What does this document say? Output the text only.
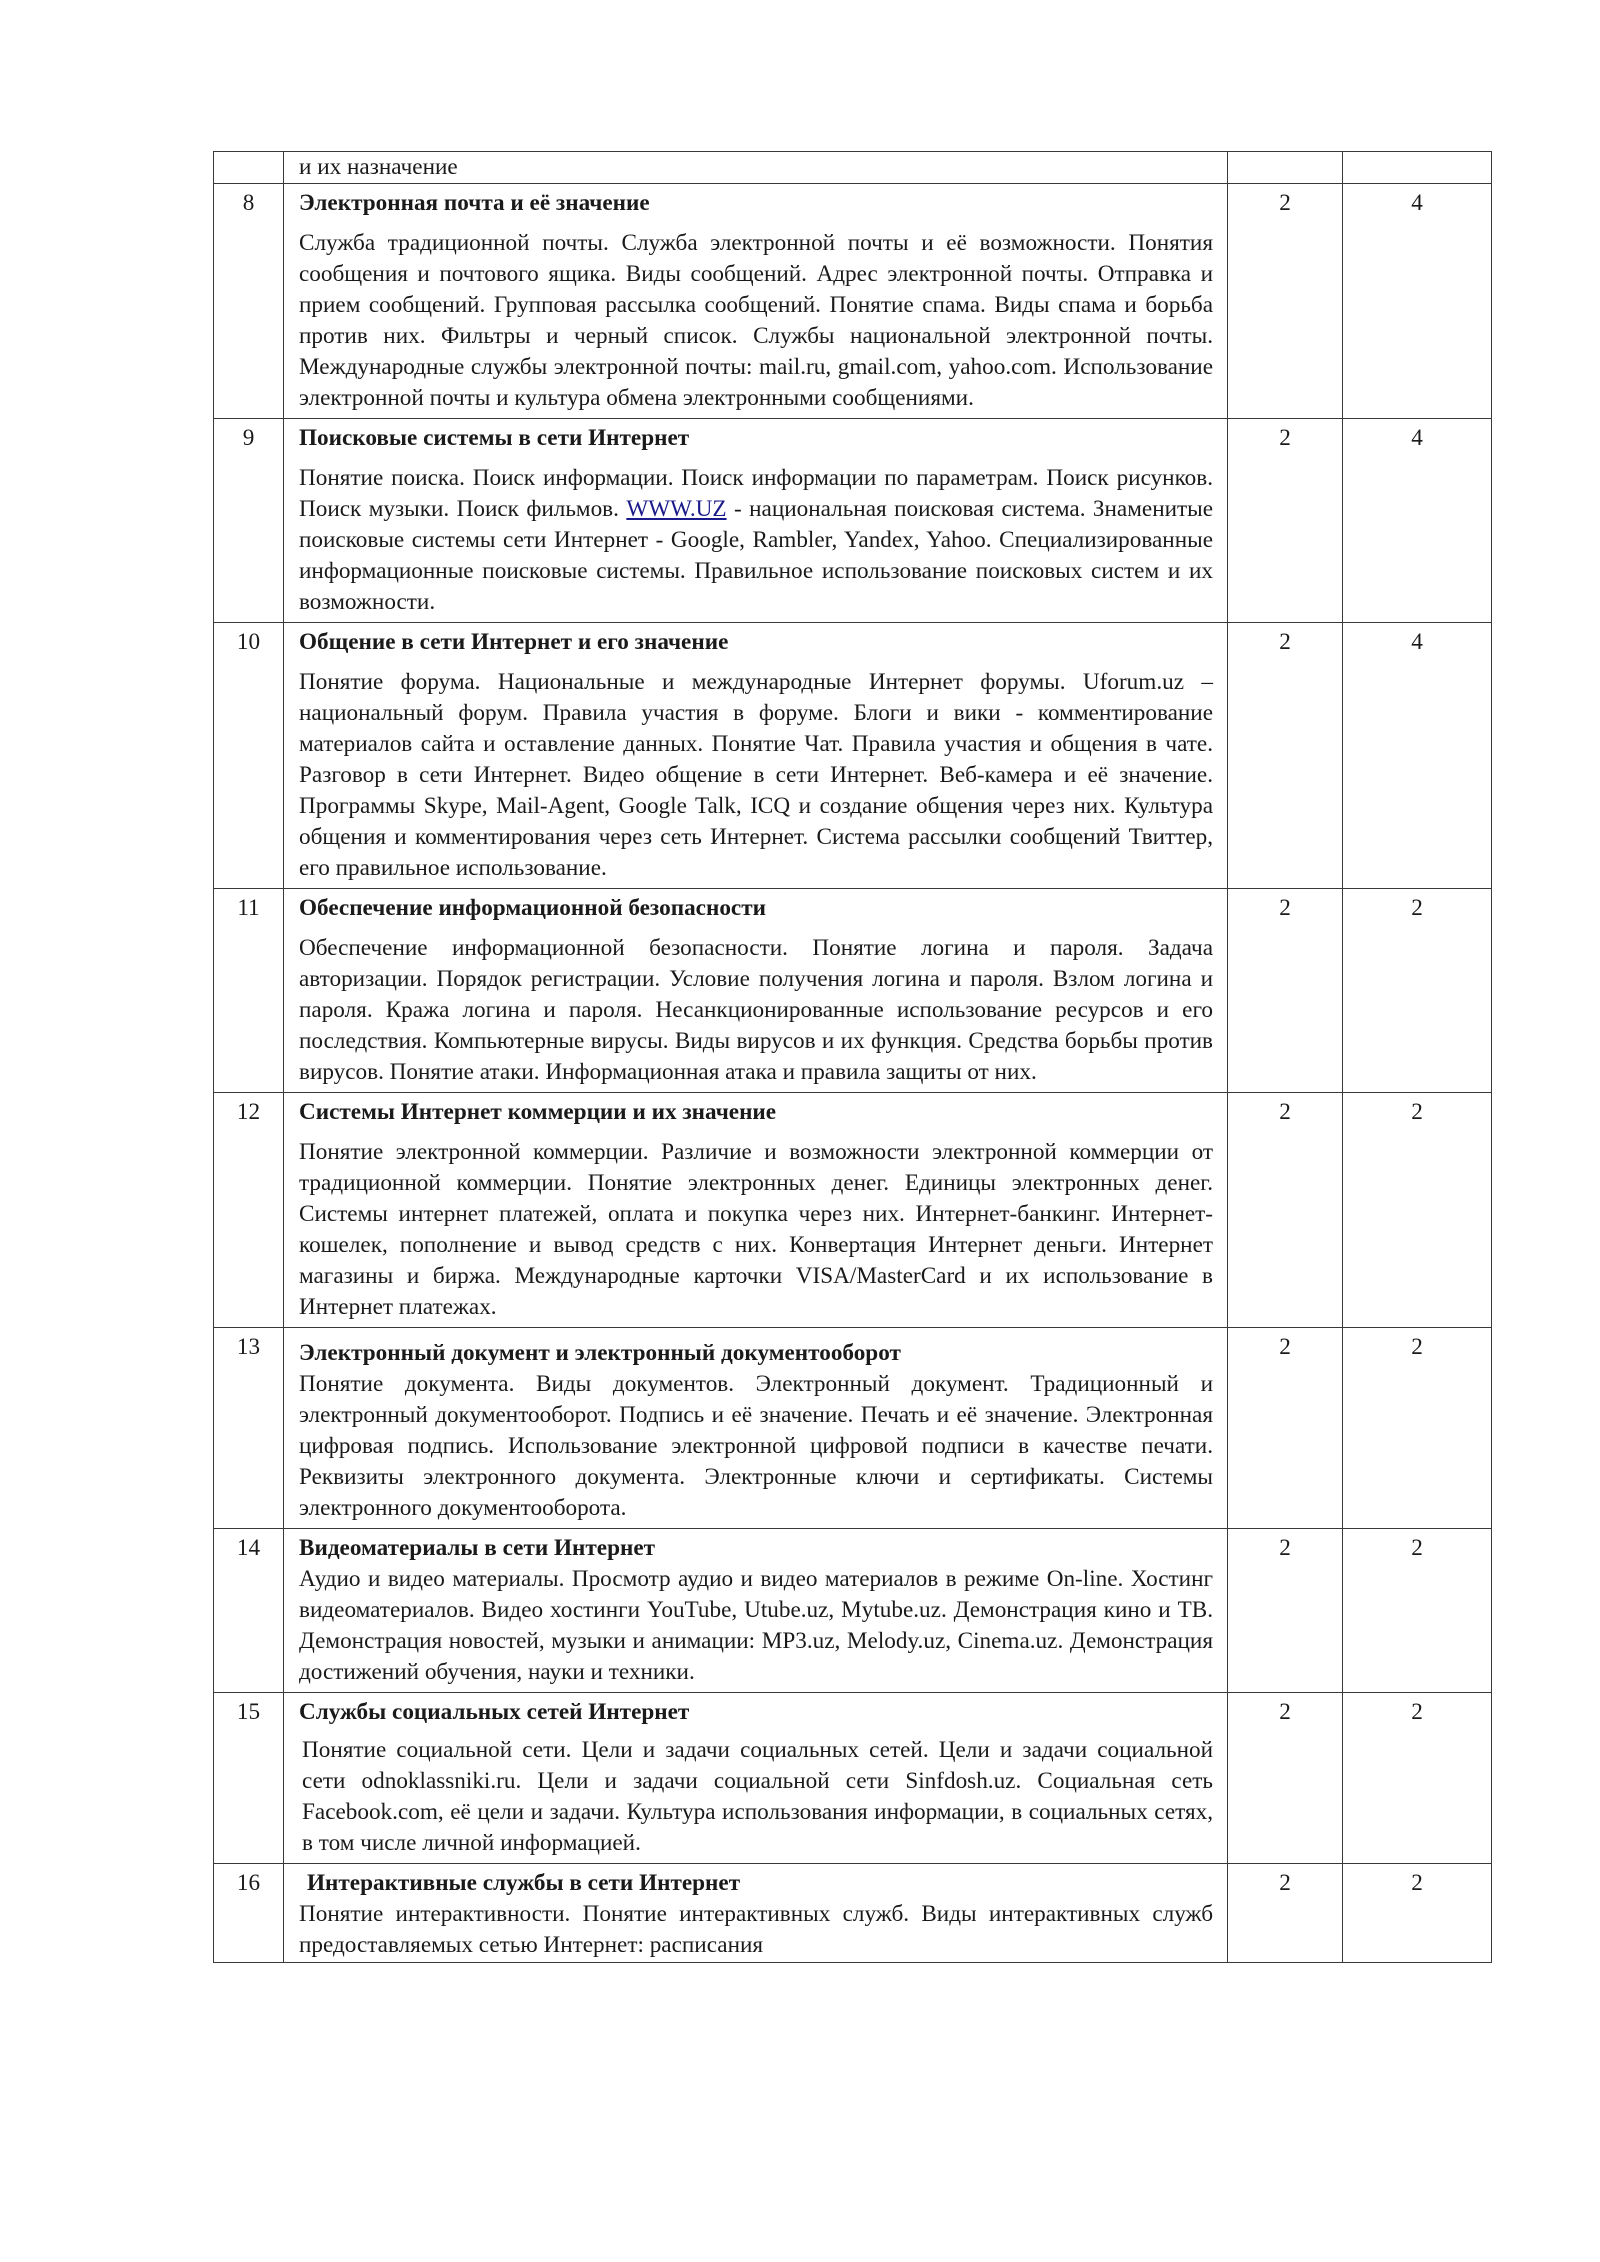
	и их назначение		
8	Электронная почта и её значение
Служба традиционной почты. Служба электронной почты и её возможности. Понятия сообщения и почтового ящика. Виды сообщений. Адрес электронной почты. Отправка и прием сообщений. Групповая рассылка сообщений. Понятие спама. Виды спама и борьба против них. Фильтры и черный список. Службы национальной электронной почты. Международные службы электронной почты: mail.ru, gmail.com, yahoo.com. Использование электронной почты и культура обмена электронными сообщениями.	2	4
9	Поисковые системы в сети Интернет
Понятие поиска. Поиск информации. Поиск информации по параметрам. Поиск рисунков. Поиск музыки. Поиск фильмов. WWW.UZ - национальная поисковая система. Знаменитые поисковые системы сети Интернет - Google, Rambler, Yandex, Yahoo. Специализированные информационные поисковые системы. Правильное использование поисковых систем и их возможности.	2	4
10	Общение в сети Интернет и его значение
Понятие форума. Национальные и международные Интернет форумы. Uforum.uz – национальный форум. Правила участия в форуме. Блоги и вики - комментирование материалов сайта и оставление данных. Понятие Чат. Правила участия и общения в чате. Разговор в сети Интернет. Видео общение в сети Интернет. Веб-камера и её значение. Программы Skype, Mail-Agent, Google Talk, ICQ и создание общения через них. Культура общения и комментирования через сеть Интернет. Система рассылки сообщений Твиттер, его правильное использование.	2	4
11	Обеспечение информационной безопасности
Обеспечение информационной безопасности. Понятие логина и пароля. Задача авторизации. Порядок регистрации. Условие получения логина и пароля. Взлом логина и пароля. Кража логина и пароля. Несанкционированные использование ресурсов и его последствия. Компьютерные вирусы. Виды вирусов и их функция. Средства борьбы против вирусов. Понятие атаки. Информационная атака и правила защиты от них.	2	2
12	Системы Интернет коммерции и их значение
Понятие электронной коммерции. Различие и возможности электронной коммерции от традиционной коммерции. Понятие электронных денег. Единицы электронных денег. Системы интернет платежей, оплата и покупка через них. Интернет-банкинг. Интернет-кошелек, пополнение и вывод средств с них. Конвертация Интернет деньги. Интернет магазины и биржа. Международные карточки VISA/MasterCard и их использование в Интернет платежах.	2	2
13	Электронный документ и электронный документооборот
Понятие документа. Виды документов. Электронный документ. Традиционный и электронный документооборот. Подпись и её значение. Печать и её значение. Электронная цифровая подпись. Использование электронной цифровой подписи в качестве печати. Реквизиты электронного документа. Электронные ключи и сертификаты. Системы электронного документооборота.	2	2
14	Видеоматериалы в сети Интернет
Аудио и видео материалы. Просмотр аудио и видео материалов в режиме On-line. Хостинг видеоматериалов. Видео хостинги YouTube, Utube.uz, Mytube.uz. Демонстрация кино и ТВ. Демонстрация новостей, музыки и анимации: MP3.uz, Melody.uz, Cinema.uz. Демонстрация достижений обучения, науки и техники.	2	2
15	Службы социальных сетей Интернет
Понятие социальной сети. Цели и задачи социальных сетей. Цели и задачи социальной сети odnoklassniki.ru. Цели и задачи социальной сети Sinfdosh.uz. Социальная сеть Facebook.com, её цели и задачи. Культура использования информации, в социальных сетях, в том числе личной информацией.	2	2
16	Интерактивные службы в сети Интернет
Понятие интерактивности. Понятие интерактивных служб. Виды интерактивных служб предоставляемых сетью Интернет: расписания	2	2
